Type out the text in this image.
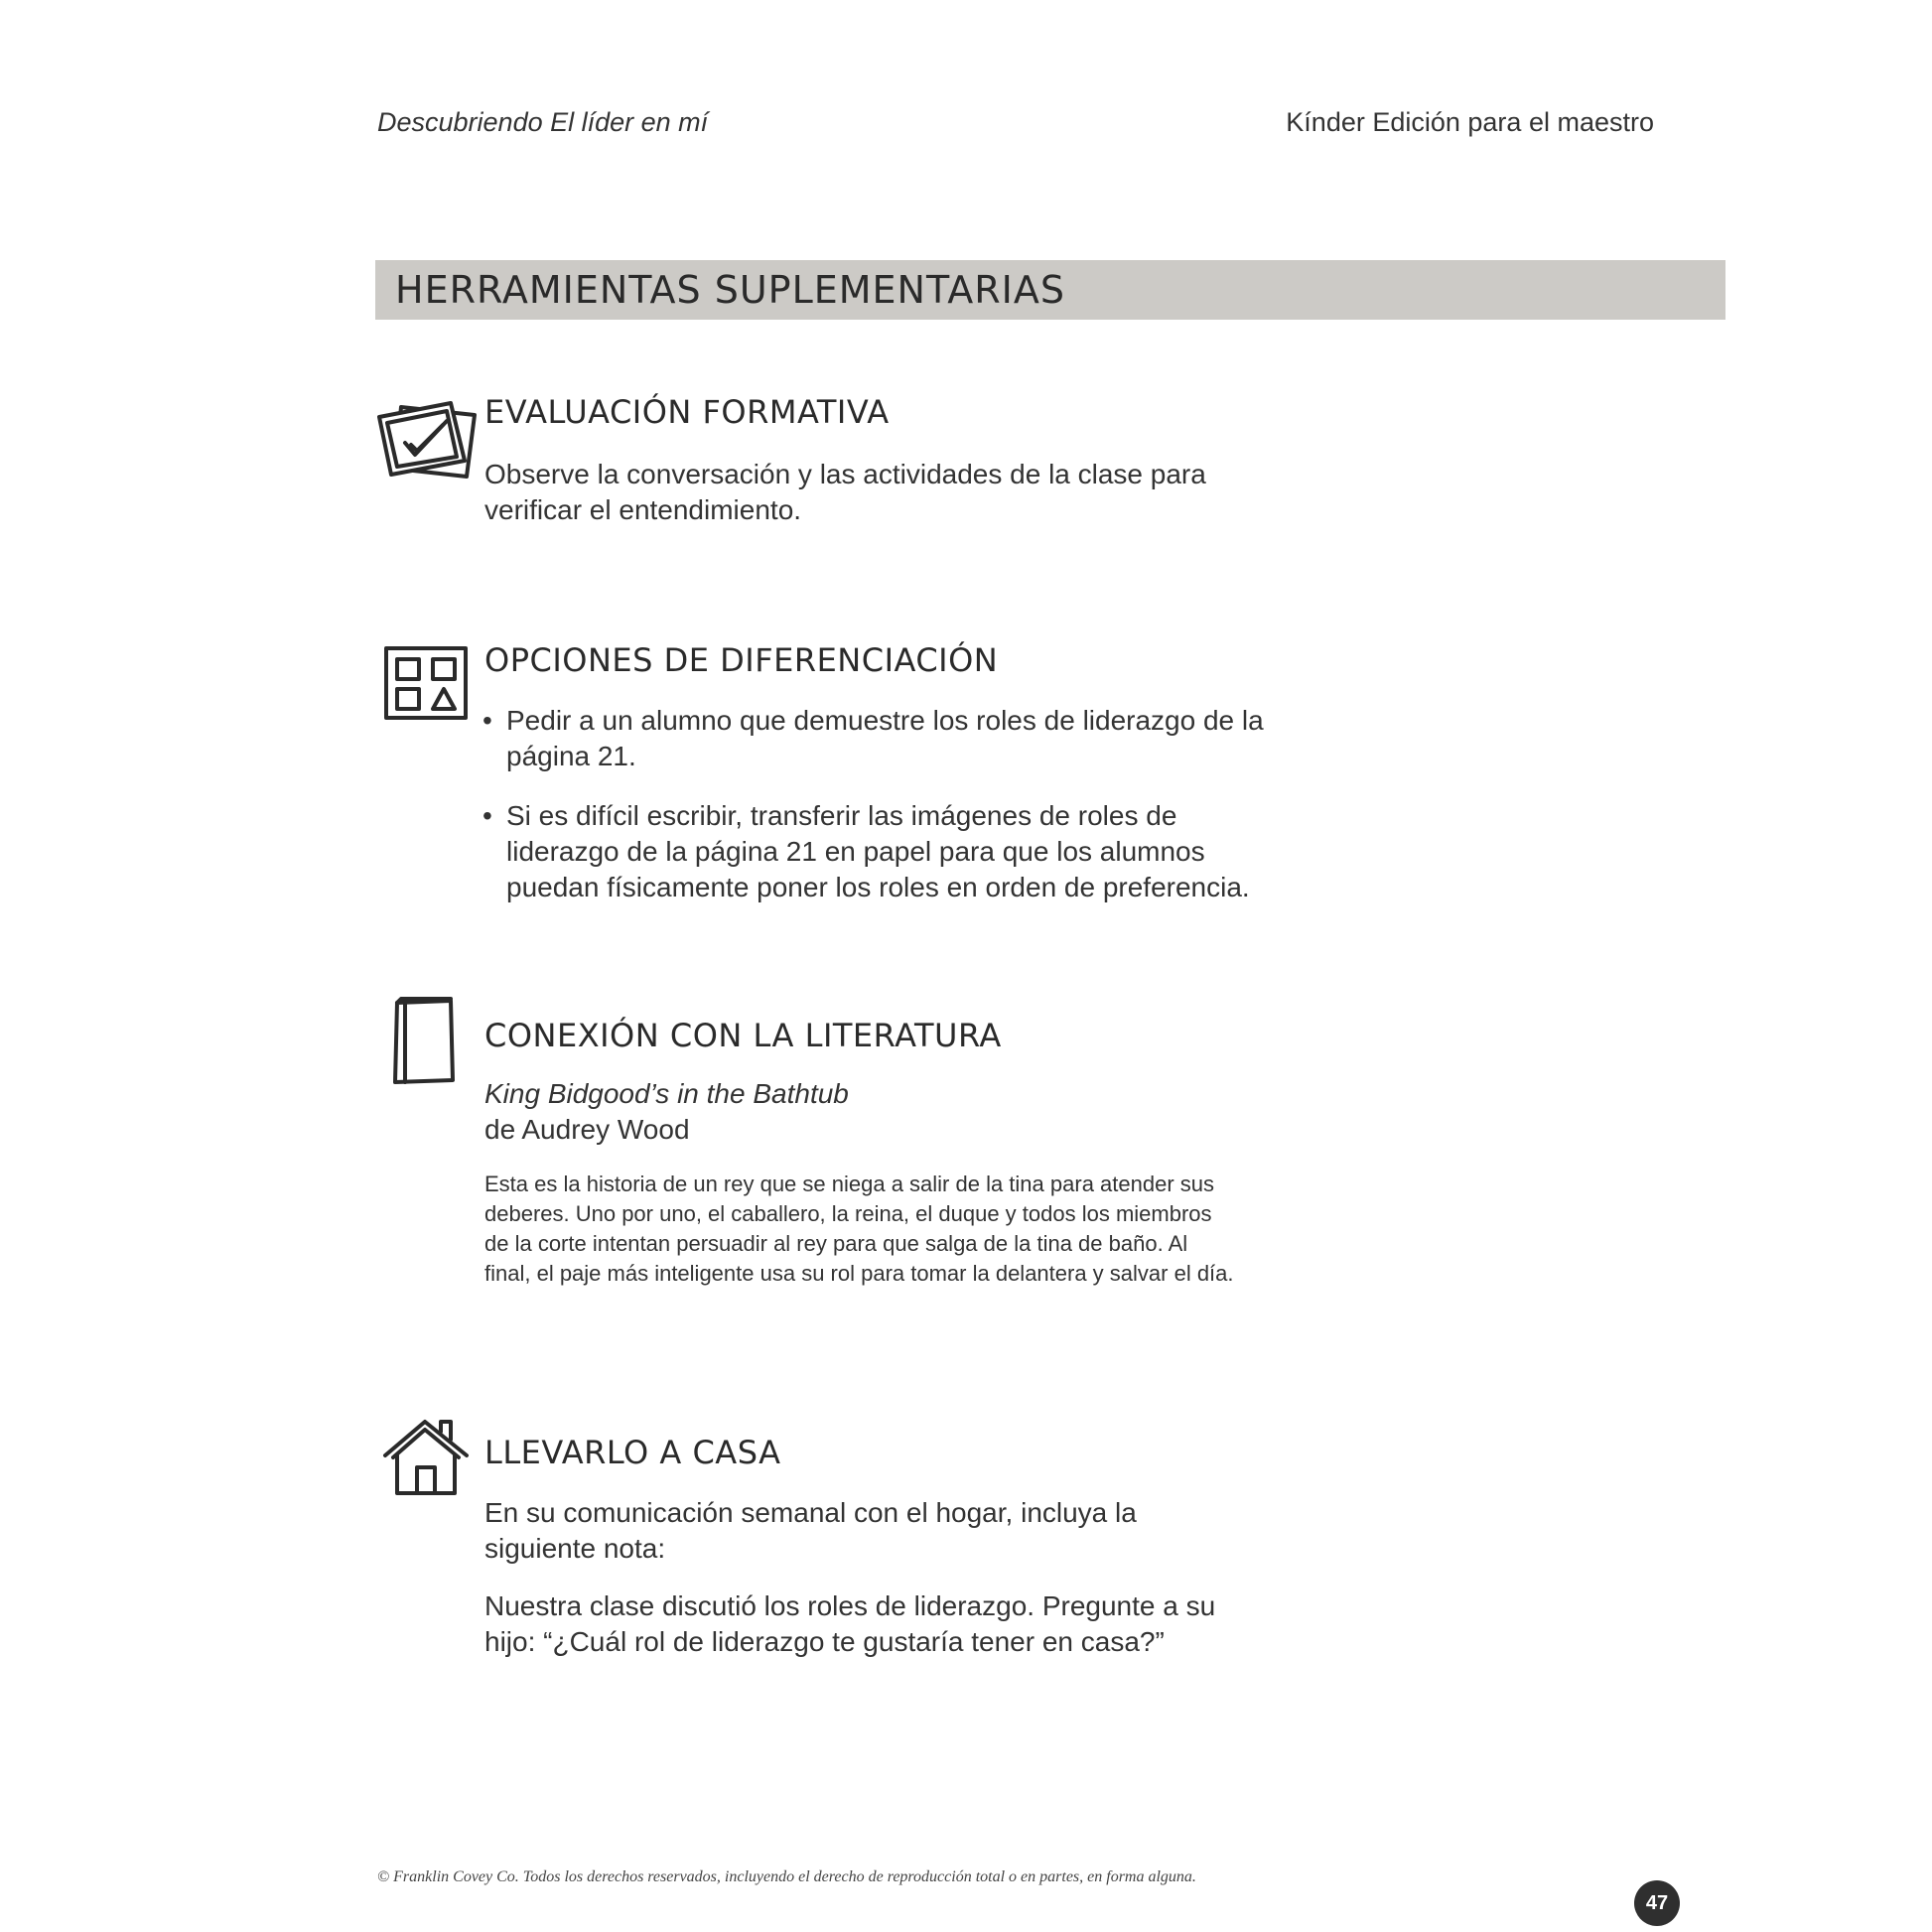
Descubriendo El líder en mí	Kínder Edición para el maestro
HERRAMIENTAS SUPLEMENTARIAS
EVALUACIÓN FORMATIVA

Observe la conversación y las actividades de la clase para verificar el entendimiento.

OPCIONES DE DIFERENCIACIÓN
• Pedir a un alumno que demuestre los roles de liderazgo de la página 21.
• Si es difícil escribir, transferir las imágenes de roles de liderazgo de la página 21 en papel para que los alumnos puedan físicamente poner los roles en orden de preferencia.
CONEXIÓN CON LA LITERATURA

King Bidgood’s in the Bathtub

de Audrey Wood

Esta es la historia de un rey que se niega a salir de la tina para atender sus deberes. Uno por uno, el caballero, la reina, el duque y todos los miembros de la corte intentan persuadir al rey para que salga de la tina de baño. Al final, el paje más inteligente usa su rol para tomar la delantera y salvar el día.

LLEVARLO A CASA

En su comunicación semanal con el hogar, incluya la siguiente nota:

Nuestra clase discutió los roles de liderazgo. Pregunte a su hijo: “¿Cuál rol de liderazgo te gustaría tener en casa?”

© Franklin Covey Co. Todos los derechos reservados, incluyendo el derecho de reproducción total o en partes, en forma alguna.
47
